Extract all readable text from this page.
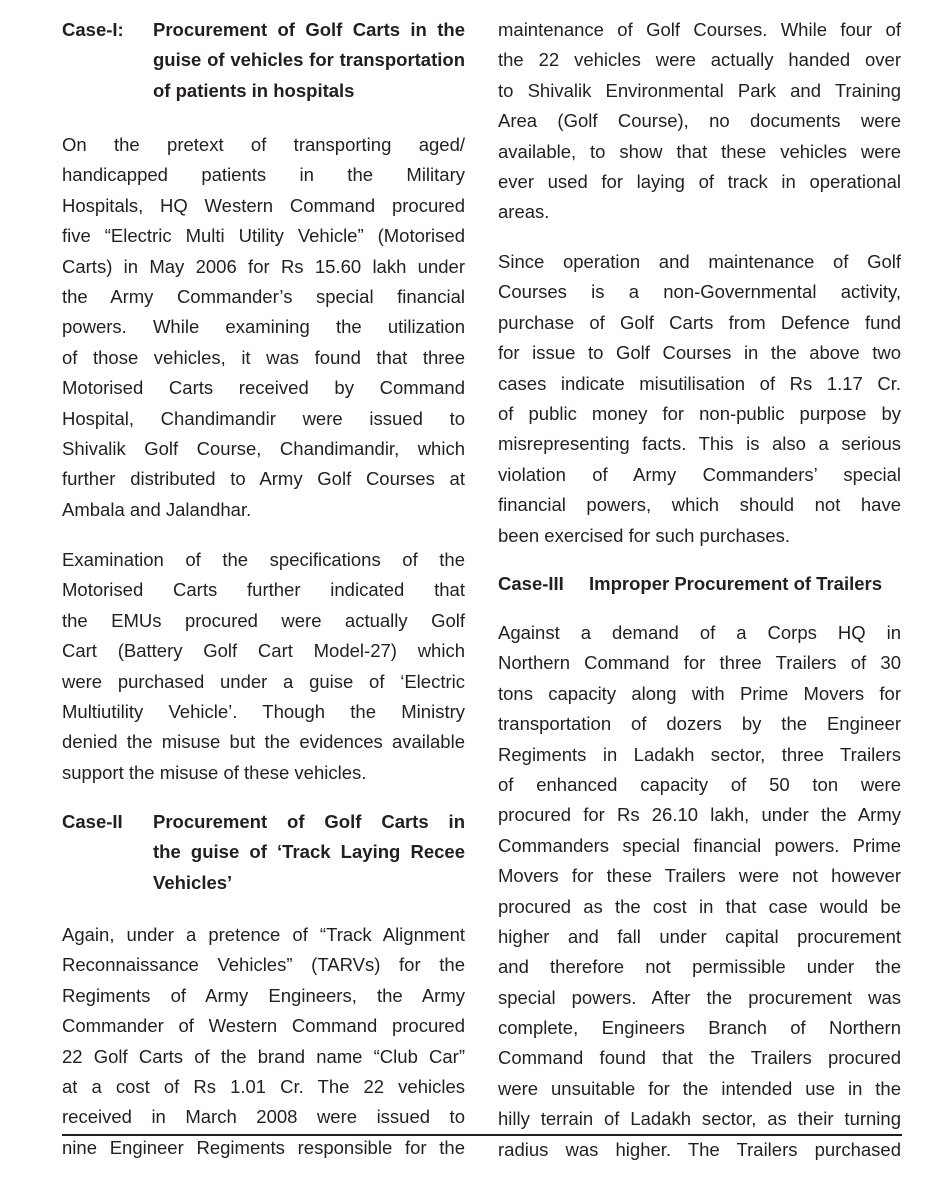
Case-I: Procurement of Golf Carts in the
guise of vehicles for transportation
of patients in hospitals
On the pretext of transporting aged/
handicapped patients in the Military
Hospitals, HQ Western Command procured
five “Electric Multi Utility Vehicle” (Motorised
Carts) in May 2006 for Rs 15.60 lakh under
the Army Commander’s special financial
powers. While examining the utilization
of those vehicles, it was found that three
Motorised Carts received by Command
Hospital, Chandimandir were issued to
Shivalik Golf Course, Chandimandir, which
further distributed to Army Golf Courses at
Ambala and Jalandhar.
Examination of the specifications of the
Motorised Carts further indicated that
the EMUs procured were actually Golf
Cart (Battery Golf Cart Model-27) which
were purchased under a guise of ‘Electric
Multiutility Vehicle’. Though the Ministry
denied the misuse but the evidences available
support the misuse of these vehicles.
Case-II Procurement of Golf Carts in
the guise of ‘Track Laying Recee
Vehicles’
Again, under a pretence of “Track Alignment
Reconnaissance Vehicles” (TARVs) for the
Regiments of Army Engineers, the Army
Commander of Western Command procured
22 Golf Carts of the brand name “Club Car”
at a cost of Rs 1.01 Cr. The 22 vehicles
received in March 2008 were issued to
nine Engineer Regiments responsible for the
maintenance of Golf Courses. While four of
the 22 vehicles were actually handed over
to Shivalik Environmental Park and Training
Area (Golf Course), no documents were
available, to show that these vehicles were
ever used for laying of track in operational
areas.
Since operation and maintenance of Golf
Courses is a non-Governmental activity,
purchase of Golf Carts from Defence fund
for issue to Golf Courses in the above two
cases indicate misutilisation of Rs 1.17 Cr.
of public money for non-public purpose by
misrepresenting facts. This is also a serious
violation of Army Commanders’ special
financial powers, which should not have
been exercised for such purchases.
Case-III Improper Procurement of Trailers
Against a demand of a Corps HQ in
Northern Command for three Trailers of 30
tons capacity along with Prime Movers for
transportation of dozers by the Engineer
Regiments in Ladakh sector, three Trailers
of enhanced capacity of 50 ton were
procured for Rs 26.10 lakh, under the Army
Commanders special financial powers. Prime
Movers for these Trailers were not however
procured as the cost in that case would be
higher and fall under capital procurement
and therefore not permissible under the
special powers. After the procurement was
complete, Engineers Branch of Northern
Command found that the Trailers procured
were unsuitable for the intended use in the
hilly terrain of Ladakh sector, as their turning
radius was higher. The Trailers purchased
